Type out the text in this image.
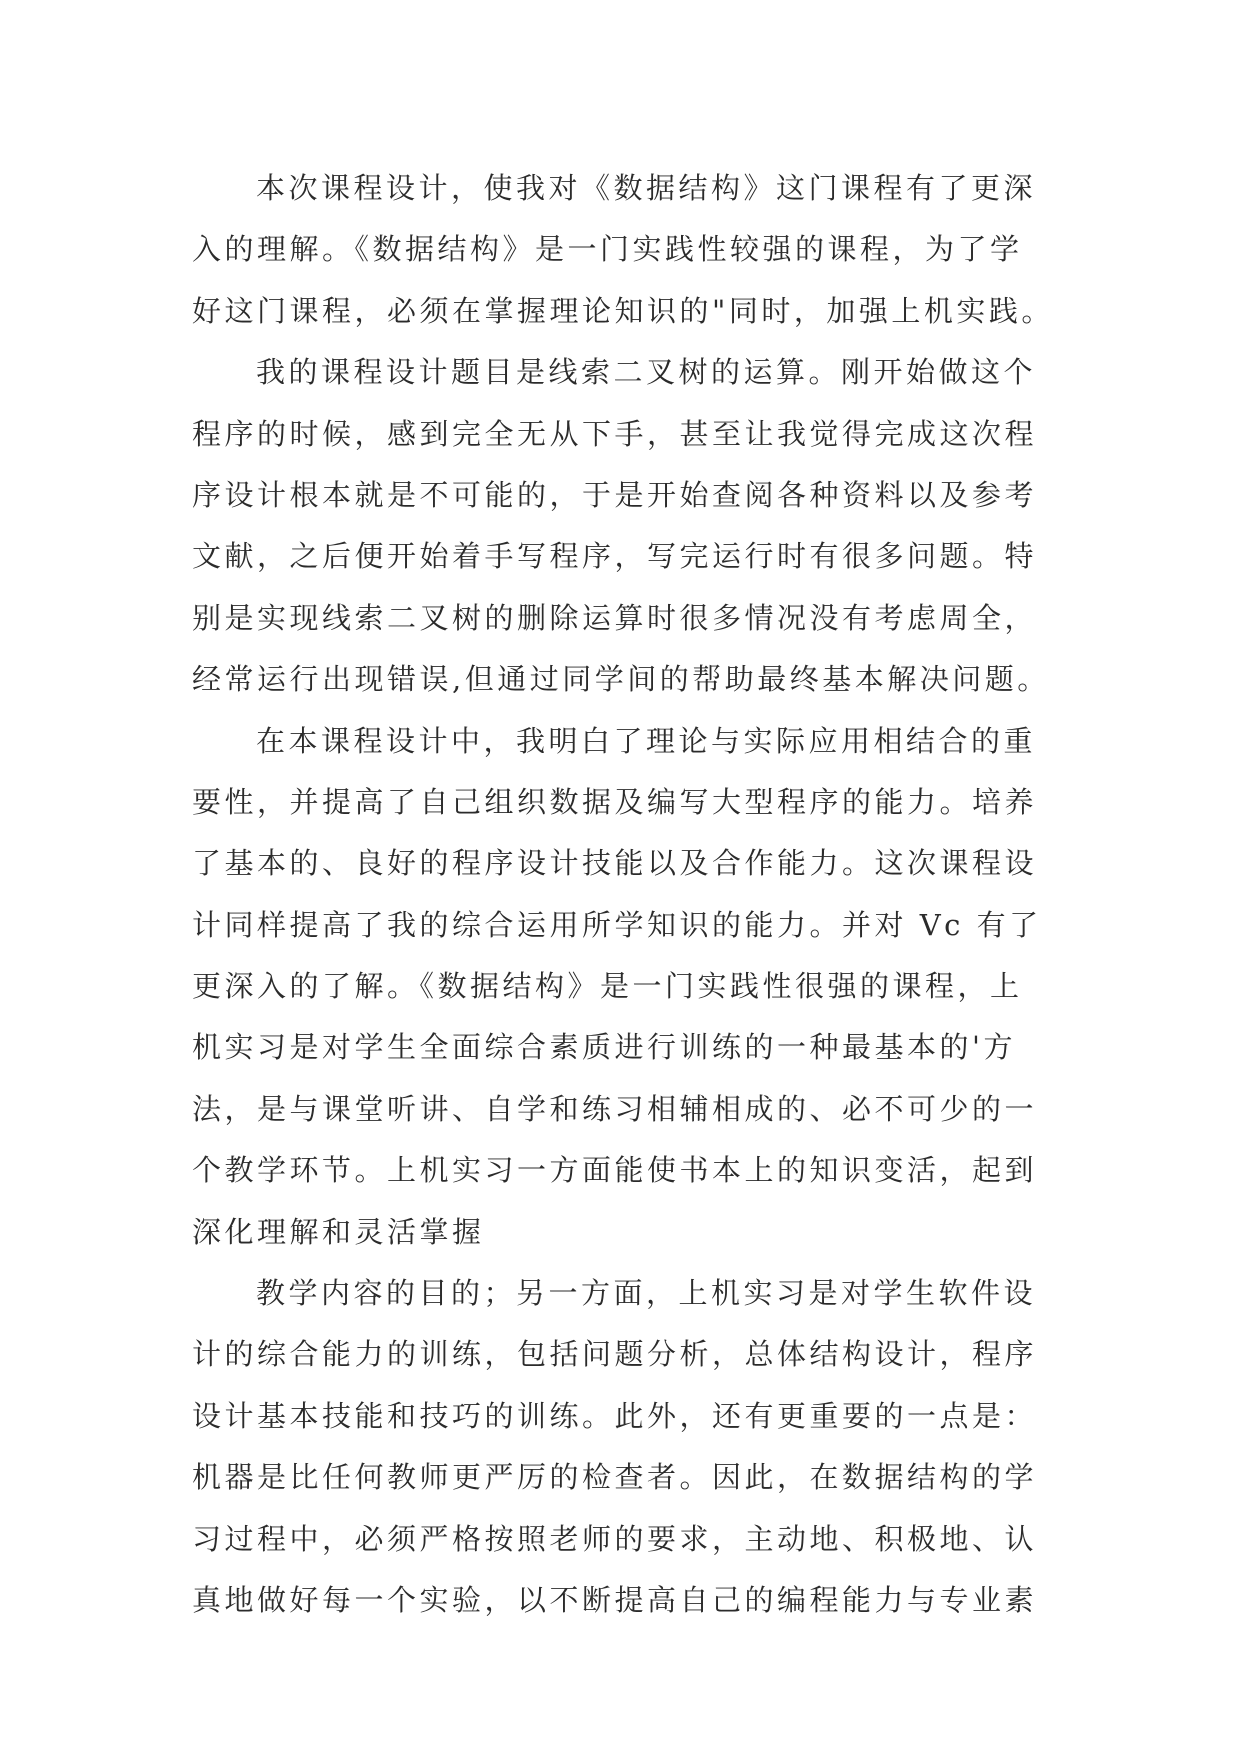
本次课程设计，使我对《数据结构》这门课程有了更深
入的理解。《数据结构》是一门实践性较强的课程，为了学
好这门课程，必须在掌握理论知识的"同时，加强上机实践。
我的课程设计题目是线索二叉树的运算。刚开始做这个
程序的时候，感到完全无从下手，甚至让我觉得完成这次程
序设计根本就是不可能的，于是开始查阅各种资料以及参考
文献，之后便开始着手写程序，写完运行时有很多问题。特
别是实现线索二叉树的删除运算时很多情况没有考虑周全，
经常运行出现错误,但通过同学间的帮助最终基本解决问题。
在本课程设计中，我明白了理论与实际应用相结合的重
要性，并提高了自己组织数据及编写大型程序的能力。培养
了基本的、良好的程序设计技能以及合作能力。这次课程设
计同样提高了我的综合运用所学知识的能力。并对 Vc 有了
更深入的了解。《数据结构》是一门实践性很强的课程，上
机实习是对学生全面综合素质进行训练的一种最基本的'方
法，是与课堂听讲、自学和练习相辅相成的、必不可少的一
个教学环节。上机实习一方面能使书本上的知识变活，起到
深化理解和灵活掌握
教学内容的目的；另一方面，上机实习是对学生软件设
计的综合能力的训练，包括问题分析，总体结构设计，程序
设计基本技能和技巧的训练。此外，还有更重要的一点是：
机器是比任何教师更严厉的检查者。因此，在数据结构的学
习过程中，必须严格按照老师的要求，主动地、积极地、认
真地做好每一个实验，以不断提高自己的编程能力与专业素
